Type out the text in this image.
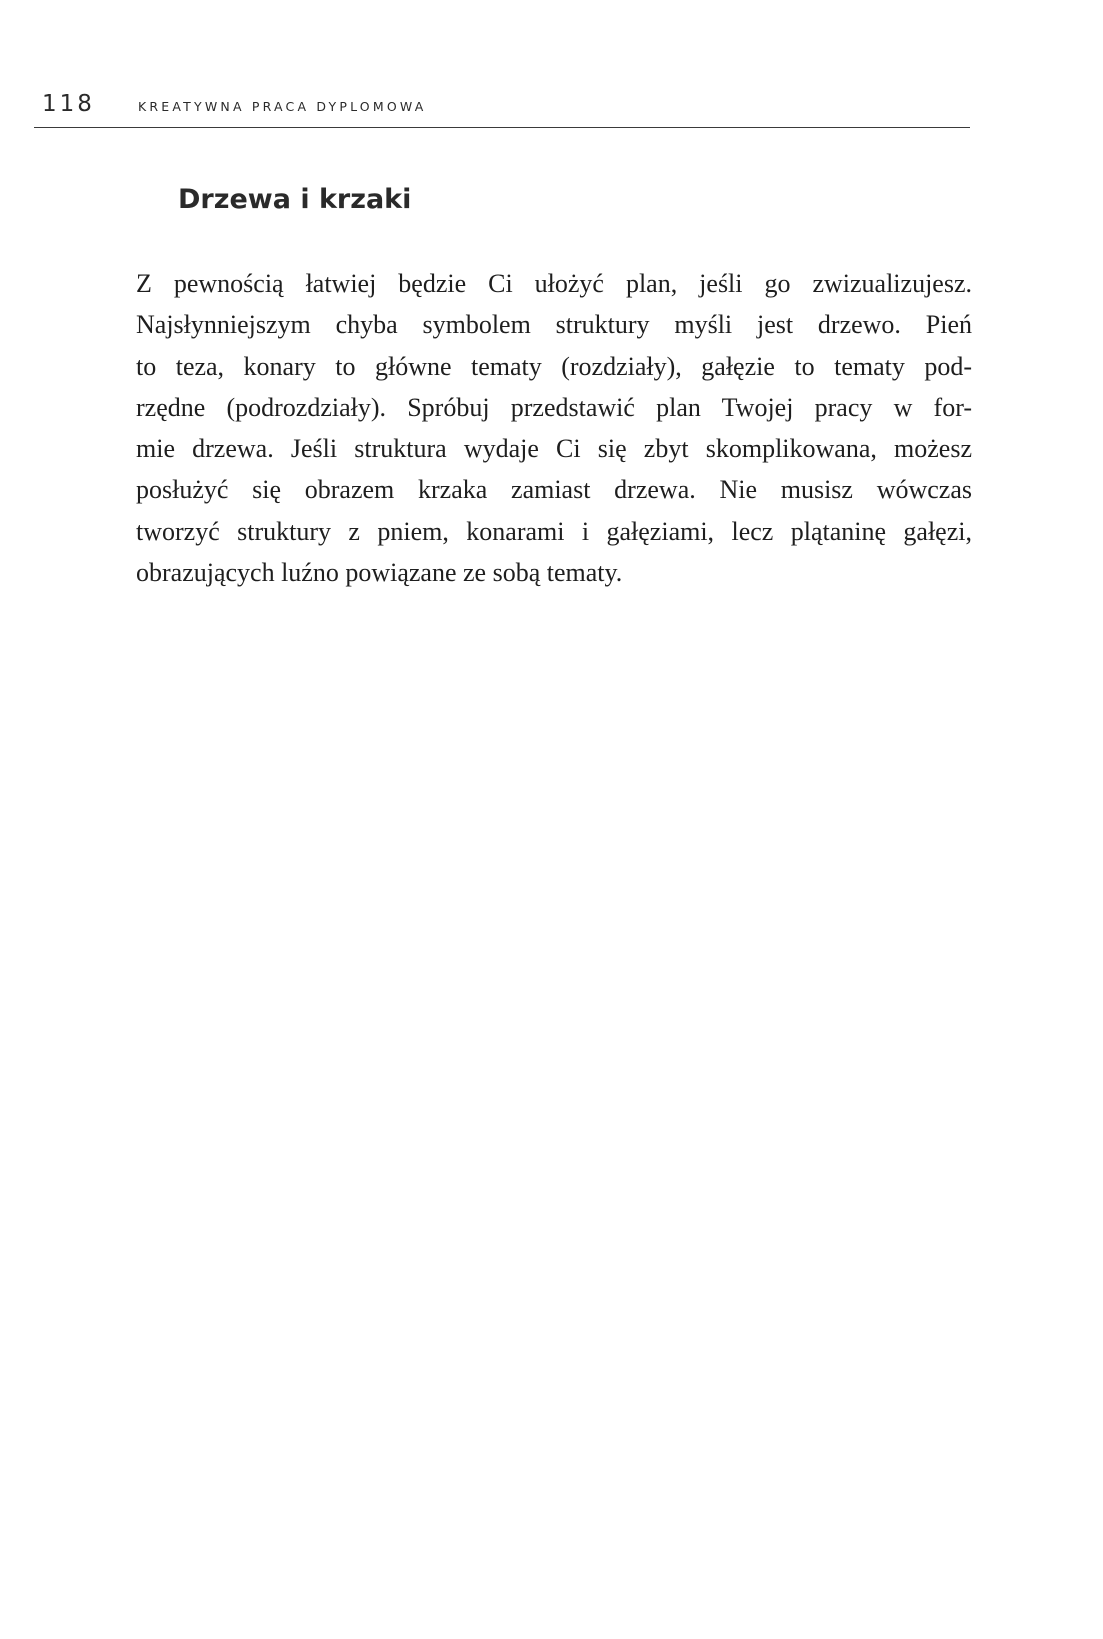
118	KREATYWNA PRACA DYPLOMOWA
Drzewa i krzaki
Z pewnością łatwiej będzie Ci ułożyć plan, jeśli go zwizualizujesz.
Najsłynniejszym chyba symbolem struktury myśli jest drzewo. Pień
to teza, konary to główne tematy (rozdziały), gałęzie to tematy pod-
rzędne (podrozdziały). Spróbuj przedstawić plan Twojej pracy w for-
mie drzewa. Jeśli struktura wydaje Ci się zbyt skomplikowana, możesz
posłużyć się obrazem krzaka zamiast drzewa. Nie musisz wówczas
tworzyć struktury z pniem, konarami i gałęziami, lecz plątaninę gałęzi,
obrazujących luźno powiązane ze sobą tematy.
